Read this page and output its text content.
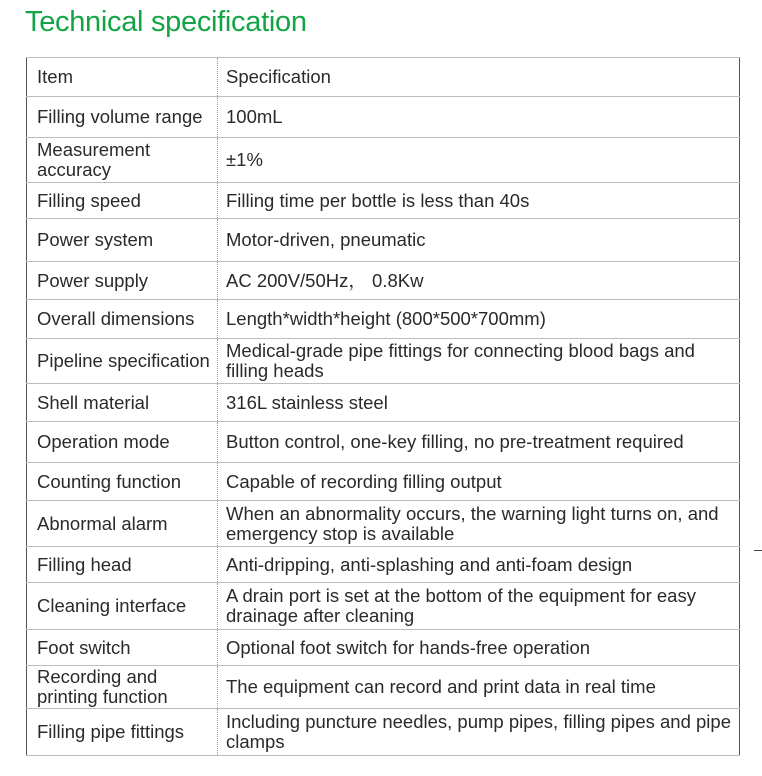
Technical specification
Item	Specification
Filling volume range	100mL
Measurement accuracy	±1%
Filling speed	Filling time per bottle is less than 40s
Power system	Motor-driven, pneumatic
Power supply	AC 200V/50Hz， 0.8Kw
Overall dimensions	Length*width*height (800*500*700mm)
Pipeline specification	Medical-grade pipe fittings for connecting blood bags and filling heads
Shell material	316L stainless steel
Operation mode	Button control, one-key filling, no pre-treatment required
Counting function	Capable of recording filling output
Abnormal alarm	When an abnormality occurs, the warning light turns on, and emergency stop is available
Filling head	Anti-dripping, anti-splashing and anti-foam design
Cleaning interface	A drain port is set at the bottom of the equipment for easy drainage after cleaning
Foot switch	Optional foot switch for hands-free operation
Recording and printing function	The equipment can record and print data in real time
Filling pipe fittings	Including puncture needles, pump pipes, filling pipes and pipe clamps
